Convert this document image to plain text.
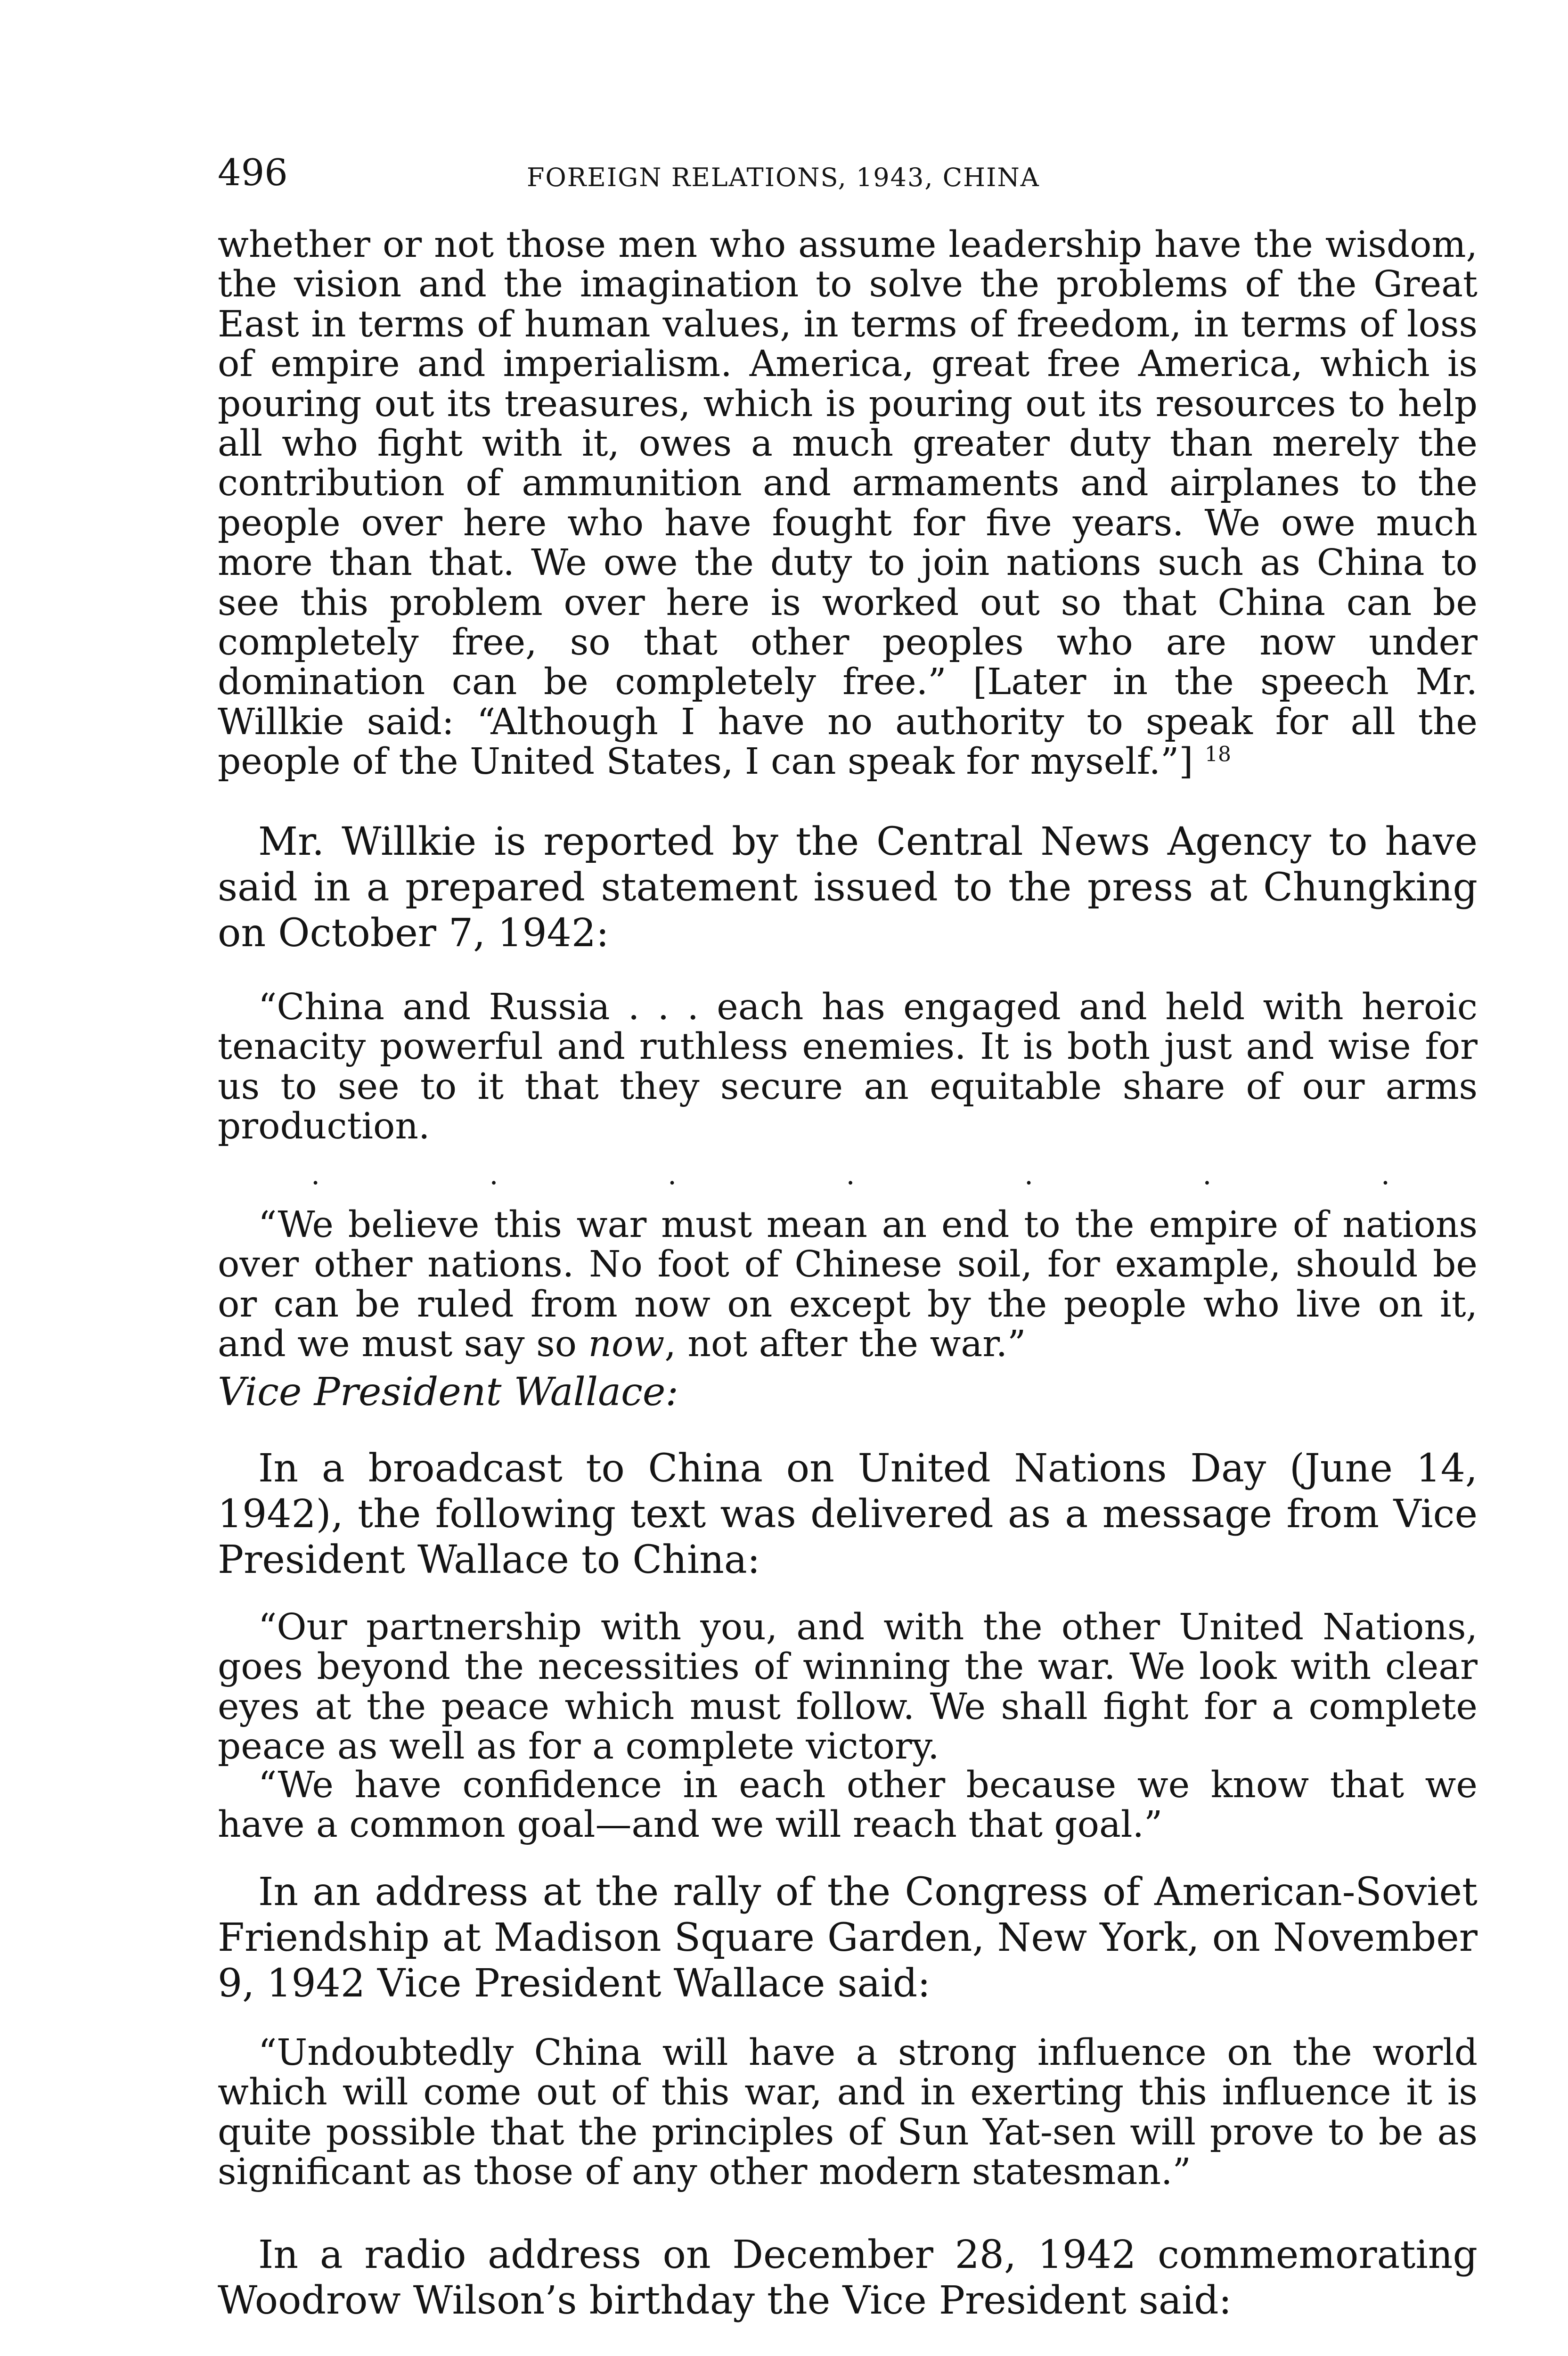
496	FOREIGN RELATIONS, 1943, CHINA

whether or not those men who assume leadership have the wisdom, the vision and the imagination to solve the problems of the Great East in terms of human values, in terms of freedom, in terms of loss of empire and imperialism. America, great free America, which is pouring out its treasures, which is pouring out its resources to help all who fight with it, owes a much greater duty than merely the contribution of ammunition and armaments and airplanes to the people over here who have fought for five years. We owe much more than that. We owe the duty to join nations such as China to see this problem over here is worked out so that China can be completely free, so that other peoples who are now under domination can be completely free.” [Later in the speech Mr. Willkie said: “Although I have no authority to speak for all the people of the United States, I can speak for myself.”] $^{18}$

Mr. Willkie is reported by the Central News Agency to have said in a prepared statement issued to the press at Chungking on October 7, 1942:

“China and Russia . . . each has engaged and held with heroic tenacity powerful and ruthless enemies. It is both just and wise for us to see to it that they secure an equitable share of our arms production.

.	.	.	.	.	.	.

“We believe this war must mean an end to the empire of nations over other nations. No foot of Chinese soil, for example, should be or can be ruled from now on except by the people who live on it, and we must say so now, not after the war.”

Vice President Wallace:

In a broadcast to China on United Nations Day (June 14, 1942), the following text was delivered as a message from Vice President Wallace to China:

“Our partnership with you, and with the other United Nations, goes beyond the necessities of winning the war. We look with clear eyes at the peace which must follow. We shall fight for a complete peace as well as for a complete victory.

“We have confidence in each other because we know that we have a common goal—and we will reach that goal.”

In an address at the rally of the Congress of American-Soviet Friendship at Madison Square Garden, New York, on November 9, 1942 Vice President Wallace said:

“Undoubtedly China will have a strong influence on the world which will come out of this war, and in exerting this influence it is quite possible that the principles of Sun Yat-sen will prove to be as significant as those of any other modern statesman.”

In a radio address on December 28, 1942 commemorating Woodrow Wilson’s birthday the Vice President said:
